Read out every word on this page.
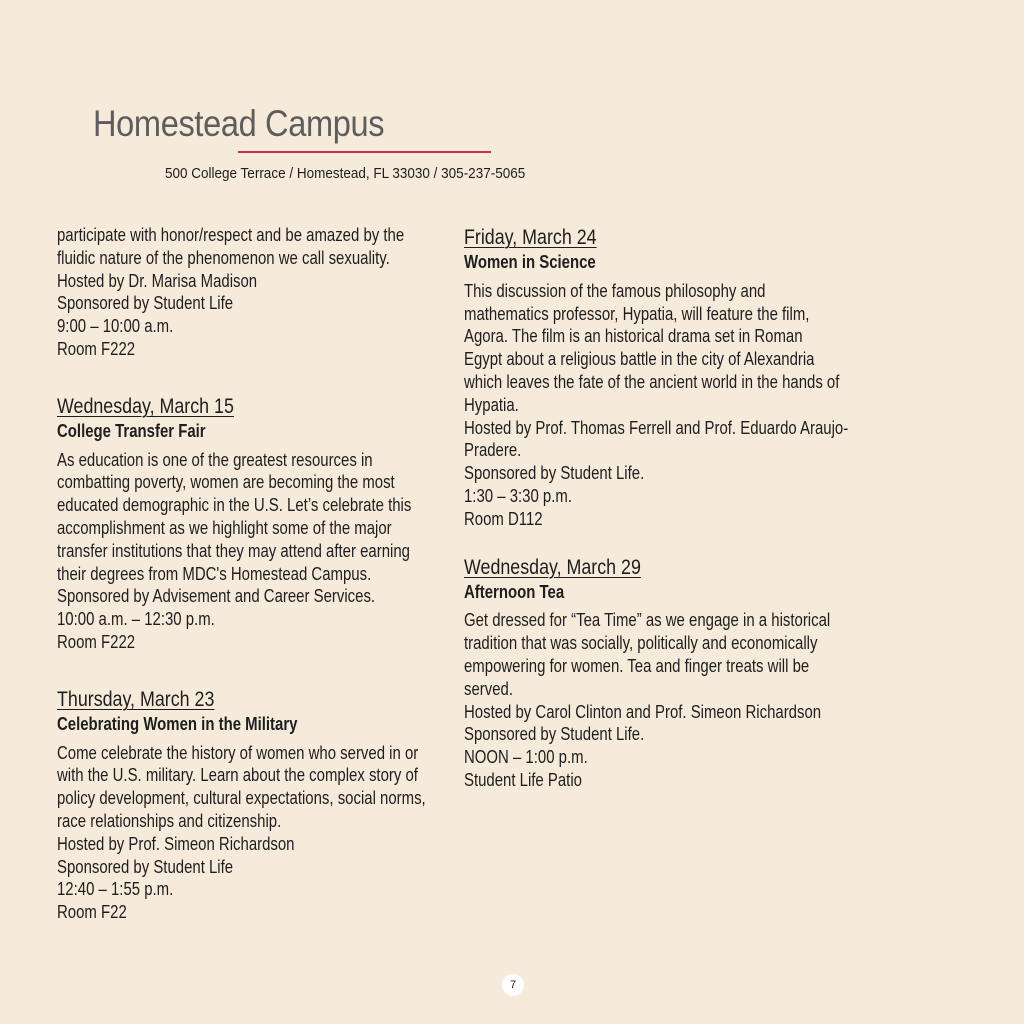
Homestead Campus
500 College Terrace / Homestead, FL 33030 / 305-237-5065
participate with honor/respect and be amazed by the
fluidic nature of the phenomenon we call sexuality.
Hosted by Dr. Marisa Madison
Sponsored by Student Life
9:00 – 10:00 a.m.
Room F222
Wednesday, March 15
College Transfer Fair
As education is one of the greatest resources in
combatting poverty, women are becoming the most
educated demographic in the U.S. Let’s celebrate this
accomplishment as we highlight some of the major
transfer institutions that they may attend after earning
their degrees from MDC's Homestead Campus.
Sponsored by Advisement and Career Services.
10:00 a.m. – 12:30 p.m.
Room F222
Thursday, March 23
Celebrating Women in the Military
Come celebrate the history of women who served in or
with the U.S. military. Learn about the complex story of
policy development, cultural expectations, social norms,
race relationships and citizenship.
Hosted by Prof. Simeon Richardson
Sponsored by Student Life
12:40 – 1:55 p.m.
Room F22
Friday, March 24
Women in Science
This discussion of the famous philosophy and
mathematics professor, Hypatia, will feature the film,
Agora. The film is an historical drama set in Roman
Egypt about a religious battle in the city of Alexandria
which leaves the fate of the ancient world in the hands of
Hypatia.
Hosted by Prof. Thomas Ferrell and Prof. Eduardo Araujo-
Pradere.
Sponsored by Student Life.
1:30 – 3:30 p.m.
Room D112
Wednesday, March 29
Afternoon Tea
Get dressed for “Tea Time” as we engage in a historical
tradition that was socially, politically and economically
empowering for women. Tea and finger treats will be
served.
Hosted by Carol Clinton and Prof. Simeon Richardson
Sponsored by Student Life.
NOON – 1:00 p.m.
Student Life Patio
7
